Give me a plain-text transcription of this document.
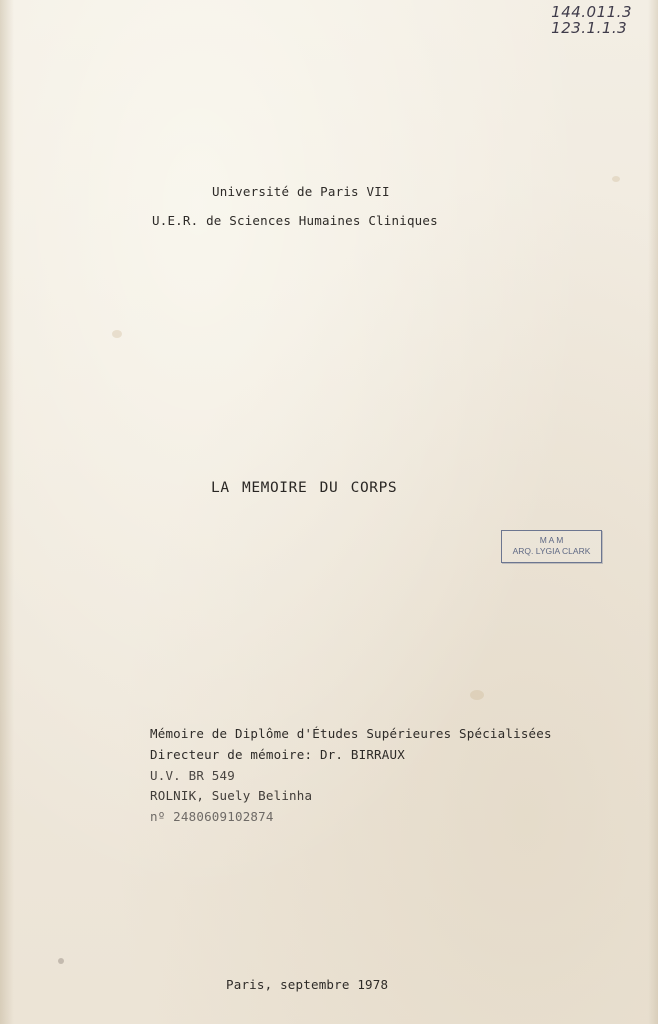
144.011.3
123.1.1.3
Université de Paris VII
U.E.R. de Sciences Humaines Cliniques
LA MEMOIRE DU CORPS
M A M
ARQ. LYGIA CLARK
Mémoire de Diplôme d'Études Supérieures Spécialisées
Directeur de mémoire: Dr. BIRRAUX
U.V. BR 549
ROLNIK, Suely Belinha
nº 2480609102874
Paris, septembre 1978
